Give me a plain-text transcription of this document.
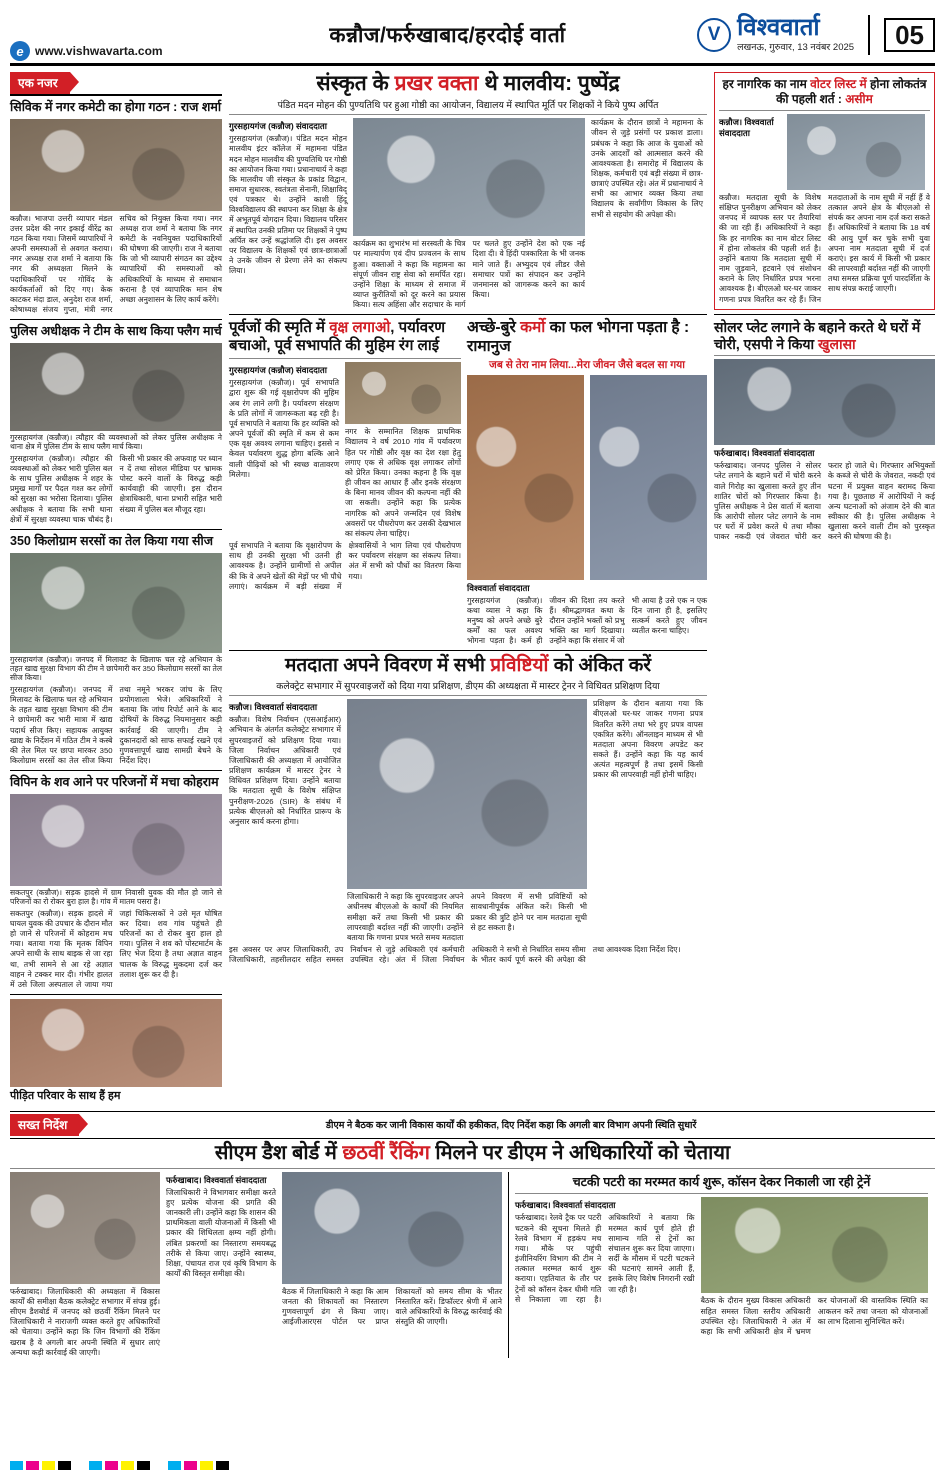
e www.vishwavarta.com
कन्नौज/फर्रुखाबाद/हरदोई वार्ता	V विश्ववार्ता
लखनऊ, गुरुवार, 13 नवंबर 2025	05
एक नजर
सिविक में नगर कमेटी का होगा गठन : राज शर्मा
कन्नौज। भाजपा उत्तरी व्यापार मंडल उत्तर प्रदेश की नगर इकाई वीरेंद्र का गठन किया गया। जिसमें व्यापारियों ने अपनी समस्याओं से अवगत कराया। नगर अध्यक्ष राज शर्मा ने बताया कि नगर की अध्यक्षता मिलने के पदाधिकारियों पर गोविंद के कार्यकर्ताओं को दिए गए। केक काटकर मंदा डाल, अनुदेश राज शर्मा, कोषाध्यक्ष संजय गुप्ता, मंत्री नगर सचिव को नियुक्त किया गया। नगर अध्यक्ष राज शर्मा ने बताया कि नगर कमेटी के नवनियुक्त पदाधिकारियों की घोषणा की जाएगी। राज ने बताया कि जो भी व्यापारी संगठन का उद्देश्य व्यापारियों की समस्याओं को अधिकारियों के माध्यम से समाधान कराना है एवं व्यापारिक मान शेष अच्छा अनुशासन के लिए कार्य करेंगे।
पुलिस अधीक्षक ने टीम के साथ किया फ्लैग मार्च
गुरसहायगंज (कन्नौज)। त्यौहार की व्यवस्थाओं को लेकर पुलिस अधीक्षक ने थाना क्षेत्र में पुलिस टीम के साथ फ्लैग मार्च किया।
गुरसहायगंज (कन्नौज)। त्यौहार की व्यवस्थाओं को लेकर भारी पुलिस बल के साथ पुलिस अधीक्षक ने शहर के प्रमुख मार्गों पर पैदल गश्त कर लोगों को सुरक्षा का भरोसा दिलाया। पुलिस अधीक्षक ने बताया कि सभी थाना क्षेत्रों में सुरक्षा व्यवस्था चाक चौबंद है। किसी भी प्रकार की अफवाह पर ध्यान न दें तथा सोशल मीडिया पर भ्रामक पोस्ट करने वालों के विरुद्ध कड़ी कार्यवाही की जाएगी। इस दौरान क्षेत्राधिकारी, थाना प्रभारी सहित भारी संख्या में पुलिस बल मौजूद रहा।
350 किलोग्राम सरसों का तेल किया गया सीज
गुरसहायगंज (कन्नौज)। जनपद में मिलावट के खिलाफ चल रहे अभियान के तहत खाद्य सुरक्षा विभाग की टीम ने छापेमारी कर 350 किलोग्राम सरसों का तेल सीज किया।
गुरसहायगंज (कन्नौज)। जनपद में मिलावट के खिलाफ चल रहे अभियान के तहत खाद्य सुरक्षा विभाग की टीम ने छापेमारी कर भारी मात्रा में खाद्य पदार्थ सीज किए। सहायक आयुक्त खाद्य के निर्देशन में गठित टीम ने कस्बे की तेल मिल पर छापा मारकर 350 किलोग्राम सरसों का तेल सीज किया तथा नमूने भरकर जांच के लिए प्रयोगशाला भेजे। अधिकारियों ने बताया कि जांच रिपोर्ट आने के बाद दोषियों के विरुद्ध नियमानुसार कड़ी कार्रवाई की जाएगी। टीम ने दुकानदारों को साफ सफाई रखने एवं गुणवत्तापूर्ण खाद्य सामग्री बेचने के निर्देश दिए।
विपिन के शव आने पर परिजनों में मचा कोहराम
सकतपुर (कन्नौज)। सड़क हादसे में ग्राम निवासी युवक की मौत हो जाने से परिजनों का रो रोकर बुरा हाल है। गांव में मातम पसरा है।
सकतपुर (कन्नौज)। सड़क हादसे में घायल युवक की उपचार के दौरान मौत हो जाने से परिजनों में कोहराम मच गया। बताया गया कि मृतक विपिन अपने साथी के साथ बाइक से जा रहा था, तभी सामने से आ रहे अज्ञात वाहन ने टक्कर मार दी। गंभीर हालत में उसे जिला अस्पताल ले जाया गया जहां चिकित्सकों ने उसे मृत घोषित कर दिया। शव गांव पहुंचते ही परिजनों का रो रोकर बुरा हाल हो गया। पुलिस ने शव को पोस्टमार्टम के लिए भेज दिया है तथा अज्ञात वाहन चालक के विरुद्ध मुकदमा दर्ज कर तलाश शुरू कर दी है।
पीड़ित परिवार के साथ हैं हम
संस्कृत के प्रखर वक्ता थे मालवीय: पुष्पेंद्र
पंडित मदन मोहन की पुण्यतिथि पर हुआ गोष्ठी का आयोजन, विद्यालय में स्थापित मूर्ति पर शिक्षकों ने किये पुष्प अर्पित
गुरसहायगंज (कन्नौज) संवाददाता
गुरसहायगंज (कन्नौज)। पंडित मदन मोहन मालवीय इंटर कॉलेज में महामना पंडित मदन मोहन मालवीय की पुण्यतिथि पर गोष्ठी का आयोजन किया गया। प्रधानाचार्य ने कहा कि मालवीय जी संस्कृत के प्रकांड विद्वान, समाज सुधारक, स्वतंत्रता सेनानी, शिक्षाविद् एवं पत्रकार थे। उन्होंने काशी हिंदू विश्वविद्यालय की स्थापना कर शिक्षा के क्षेत्र में अभूतपूर्व योगदान दिया। विद्यालय परिसर में स्थापित उनकी प्रतिमा पर शिक्षकों ने पुष्प अर्पित कर उन्हें श्रद्धांजलि दी। इस अवसर पर विद्यालय के शिक्षकों एवं छात्र-छात्राओं ने उनके जीवन से प्रेरणा लेने का संकल्प लिया।
कार्यक्रम का शुभारंभ मां सरस्वती के चित्र पर माल्यार्पण एवं दीप प्रज्वलन के साथ हुआ। वक्ताओं ने कहा कि महामना का संपूर्ण जीवन राष्ट्र सेवा को समर्पित रहा। उन्होंने शिक्षा के माध्यम से समाज में व्याप्त कुरीतियों को दूर करने का प्रयास किया। सत्य अहिंसा और सदाचार के मार्ग पर चलते हुए उन्होंने देश को एक नई दिशा दी। वे हिंदी पत्रकारिता के भी जनक माने जाते हैं। अभ्युदय एवं लीडर जैसे समाचार पत्रों का संपादन कर उन्होंने जनमानस को जागरूक करने का कार्य किया।
कार्यक्रम के दौरान छात्रों ने महामना के जीवन से जुड़े प्रसंगों पर प्रकाश डाला। प्रबंधक ने कहा कि आज के युवाओं को उनके आदर्शों को आत्मसात करने की आवश्यकता है। समारोह में विद्यालय के शिक्षक, कर्मचारी एवं बड़ी संख्या में छात्र-छात्राएं उपस्थित रहे। अंत में प्रधानाचार्य ने सभी का आभार व्यक्त किया तथा विद्यालय के सर्वांगीण विकास के लिए सभी से सहयोग की अपेक्षा की।
पूर्वजों की स्मृति में वृक्ष लगाओ, पर्यावरण बचाओ, पूर्व सभापति की मुहिम रंग लाई
गुरसहायगंज (कन्नौज) संवाददाता
गुरसहायगंज (कन्नौज)। पूर्व सभापति द्वारा शुरू की गई वृक्षारोपण की मुहिम अब रंग लाने लगी है। पर्यावरण संरक्षण के प्रति लोगों में जागरूकता बढ़ रही है। पूर्व सभापति ने बताया कि हर व्यक्ति को अपने पूर्वजों की स्मृति में कम से कम एक वृक्ष अवश्य लगाना चाहिए। इससे न केवल पर्यावरण शुद्ध होगा बल्कि आने वाली पीढ़ियों को भी स्वच्छ वातावरण मिलेगा।
नगर के सम्मानित शिक्षक प्राथमिक विद्यालय ने वर्ष 2010 गांव में पर्यावरण हित पर गोष्ठी और वृक्ष का देश रक्षा हेतु लगाए एक से अधिक वृक्ष लगाकर लोगों को प्रेरित किया। उनका कहना है कि वृक्ष ही जीवन का आधार हैं और इनके संरक्षण के बिना मानव जीवन की कल्पना नहीं की जा सकती। उन्होंने कहा कि प्रत्येक नागरिक को अपने जन्मदिन एवं विशेष अवसरों पर पौधरोपण कर उसकी देखभाल का संकल्प लेना चाहिए।
पूर्व सभापति ने बताया कि वृक्षारोपण के साथ ही उनकी सुरक्षा भी उतनी ही आवश्यक है। उन्होंने ग्रामीणों से अपील की कि वे अपने खेतों की मेड़ों पर भी पौधे लगाएं। कार्यक्रम में बड़ी संख्या में क्षेत्रवासियों ने भाग लिया एवं पौधरोपण कर पर्यावरण संरक्षण का संकल्प लिया। अंत में सभी को पौधों का वितरण किया गया।
अच्छे-बुरे कर्मो का फल भोगना पड़ता है : रामानुज
जब से तेरा नाम लिया...मेरा जीवन जैसे बदल सा गया
विश्ववार्ता संवाददाता
गुरसहायगंज (कन्नौज)। कथा व्यास ने कहा कि मनुष्य को अपने अच्छे बुरे कर्मों का फल अवश्य भोगना पड़ता है। कर्म ही जीवन की दिशा तय करते हैं। श्रीमद्भागवत कथा के दौरान उन्होंने भक्तों को प्रभु भक्ति का मार्ग दिखाया। उन्होंने कहा कि संसार में जो भी आया है उसे एक न एक दिन जाना ही है, इसलिए सत्कर्म करते हुए जीवन व्यतीत करना चाहिए।
मतदाता अपने विवरण में सभी प्रविष्टियों को अंकित करें
कलेक्ट्रेट सभागार में सुपरवाइजरों को दिया गया प्रशिक्षण, डीएम की अध्यक्षता में मास्टर ट्रेनर ने विधिवत प्रशिक्षण दिया
कन्नौज। विश्ववार्ता संवाददाता
कन्नौज। विशेष निर्वाचन (एसआईआर) अभियान के अंतर्गत कलेक्ट्रेट सभागार में सुपरवाइजरों को प्रशिक्षण दिया गया। जिला निर्वाचन अधिकारी एवं जिलाधिकारी की अध्यक्षता में आयोजित प्रशिक्षण कार्यक्रम में मास्टर ट्रेनर ने विधिवत प्रशिक्षण दिया। उन्होंने बताया कि मतदाता सूची के विशेष संक्षिप्त पुनरीक्षण-2026 (SIR) के संबंध में प्रत्येक बीएलओ को निर्धारित प्रारूप के अनुसार कार्य करना होगा।
जिलाधिकारी ने कहा कि सुपरवाइजर अपने अधीनस्थ बीएलओ के कार्यों की नियमित समीक्षा करें तथा किसी भी प्रकार की लापरवाही बर्दाश्त नहीं की जाएगी। उन्होंने बताया कि गणना प्रपत्र भरते समय मतदाता अपने विवरण में सभी प्रविष्टियों को सावधानीपूर्वक अंकित करें। किसी भी प्रकार की त्रुटि होने पर नाम मतदाता सूची से हट सकता है।
प्रशिक्षण के दौरान बताया गया कि बीएलओ घर-घर जाकर गणना प्रपत्र वितरित करेंगे तथा भरे हुए प्रपत्र वापस एकत्रित करेंगे। ऑनलाइन माध्यम से भी मतदाता अपना विवरण अपडेट कर सकते हैं। उन्होंने कहा कि यह कार्य अत्यंत महत्वपूर्ण है तथा इसमें किसी प्रकार की लापरवाही नहीं होनी चाहिए।
इस अवसर पर अपर जिलाधिकारी, उप जिलाधिकारी, तहसीलदार सहित समस्त निर्वाचन से जुड़े अधिकारी एवं कर्मचारी उपस्थित रहे। अंत में जिला निर्वाचन अधिकारी ने सभी से निर्धारित समय सीमा के भीतर कार्य पूर्ण करने की अपेक्षा की तथा आवश्यक दिशा निर्देश दिए।
हर नागरिक का नाम वोटर लिस्ट में होना लोकतंत्र की पहली शर्त : असीम
कन्नौज। विश्ववार्ता संवाददाता
कन्नौज। मतदाता सूची के विशेष संक्षिप्त पुनरीक्षण अभियान को लेकर जनपद में व्यापक स्तर पर तैयारियां की जा रही हैं। अधिकारियों ने कहा कि हर नागरिक का नाम वोटर लिस्ट में होना लोकतंत्र की पहली शर्त है। उन्होंने बताया कि मतदाता सूची में नाम जुड़वाने, हटवाने एवं संशोधन कराने के लिए निर्धारित प्रपत्र भरना आवश्यक है। बीएलओ घर-घर जाकर गणना प्रपत्र वितरित कर रहे हैं। जिन मतदाताओं के नाम सूची में नहीं हैं वे तत्काल अपने क्षेत्र के बीएलओ से संपर्क कर अपना नाम दर्ज करा सकते हैं। अधिकारियों ने बताया कि 18 वर्ष की आयु पूर्ण कर चुके सभी युवा अपना नाम मतदाता सूची में दर्ज कराएं। इस कार्य में किसी भी प्रकार की लापरवाही बर्दाश्त नहीं की जाएगी तथा समस्त प्रक्रिया पूर्ण पारदर्शिता के साथ संपन्न कराई जाएगी।
सोलर प्लेट लगाने के बहाने करते थे घरों में चोरी, एसपी ने किया खुलासा
फर्रुखाबाद। विश्ववार्ता संवाददाता
फर्रुखाबाद। जनपद पुलिस ने सोलर प्लेट लगाने के बहाने घरों में चोरी करने वाले गिरोह का खुलासा करते हुए तीन शातिर चोरों को गिरफ्तार किया है। पुलिस अधीक्षक ने प्रेस वार्ता में बताया कि आरोपी सोलर प्लेट लगाने के नाम पर घरों में प्रवेश करते थे तथा मौका पाकर नकदी एवं जेवरात चोरी कर फरार हो जाते थे। गिरफ्तार अभियुक्तों के कब्जे से चोरी के जेवरात, नकदी एवं घटना में प्रयुक्त वाहन बरामद किया गया है। पूछताछ में आरोपियों ने कई अन्य घटनाओं को अंजाम देने की बात स्वीकार की है। पुलिस अधीक्षक ने खुलासा करने वाली टीम को पुरस्कृत करने की घोषणा की है।
सख्त निर्देश	डीएम ने बैठक कर जानी विकास कार्यों की हकीकत, दिए निर्देश कहा कि अगली बार विभाग अपनी स्थिति सुधारें
सीएम डैश बोर्ड में छठवीं रैंकिंग मिलने पर डीएम ने अधिकारियों को चेताया
फर्रुखाबाद। जिलाधिकारी की अध्यक्षता में विकास कार्यों की समीक्षा बैठक कलेक्ट्रेट सभागार में संपन्न हुई। सीएम डैशबोर्ड में जनपद को छठवीं रैंकिंग मिलने पर जिलाधिकारी ने नाराजगी व्यक्त करते हुए अधिकारियों को चेताया। उन्होंने कहा कि जिन विभागों की रैंकिंग खराब है वे अगली बार अपनी स्थिति में सुधार लाएं अन्यथा कड़ी कार्रवाई की जाएगी।
फर्रुखाबाद। विश्ववार्ता संवाददाता
जिलाधिकारी ने विभागवार समीक्षा करते हुए प्रत्येक योजना की प्रगति की जानकारी ली। उन्होंने कहा कि शासन की प्राथमिकता वाली योजनाओं में किसी भी प्रकार की शिथिलता क्षम्य नहीं होगी। लंबित प्रकरणों का निस्तारण समयबद्ध तरीके से किया जाए। उन्होंने स्वास्थ्य, शिक्षा, पंचायत राज एवं कृषि विभाग के कार्यों की विस्तृत समीक्षा की।
बैठक में जिलाधिकारी ने कहा कि आम जनता की शिकायतों का निस्तारण गुणवत्तापूर्ण ढंग से किया जाए। आईजीआरएस पोर्टल पर प्राप्त शिकायतों को समय सीमा के भीतर निस्तारित करें। डिफॉल्टर श्रेणी में आने वाले अधिकारियों के विरुद्ध कार्रवाई की संस्तुति की जाएगी।
चटकी पटरी का मरम्मत कार्य शुरू, कॉसन देकर निकाली जा रही ट्रेनें
फर्रुखाबाद। विश्ववार्ता संवाददाता
फर्रुखाबाद। रेलवे ट्रैक पर पटरी चटकने की सूचना मिलते ही रेलवे विभाग में हड़कंप मच गया। मौके पर पहुंची इंजीनियरिंग विभाग की टीम ने तत्काल मरम्मत कार्य शुरू कराया। एहतियात के तौर पर ट्रेनों को कॉसन देकर धीमी गति से निकाला जा रहा है। अधिकारियों ने बताया कि मरम्मत कार्य पूर्ण होते ही सामान्य गति से ट्रेनों का संचालन शुरू कर दिया जाएगा। सर्दी के मौसम में पटरी चटकने की घटनाएं सामने आती हैं, इसके लिए विशेष निगरानी रखी जा रही है।
बैठक के दौरान मुख्य विकास अधिकारी सहित समस्त जिला स्तरीय अधिकारी उपस्थित रहे। जिलाधिकारी ने अंत में कहा कि सभी अधिकारी क्षेत्र में भ्रमण कर योजनाओं की वास्तविक स्थिति का आकलन करें तथा जनता को योजनाओं का लाभ दिलाना सुनिश्चित करें।
